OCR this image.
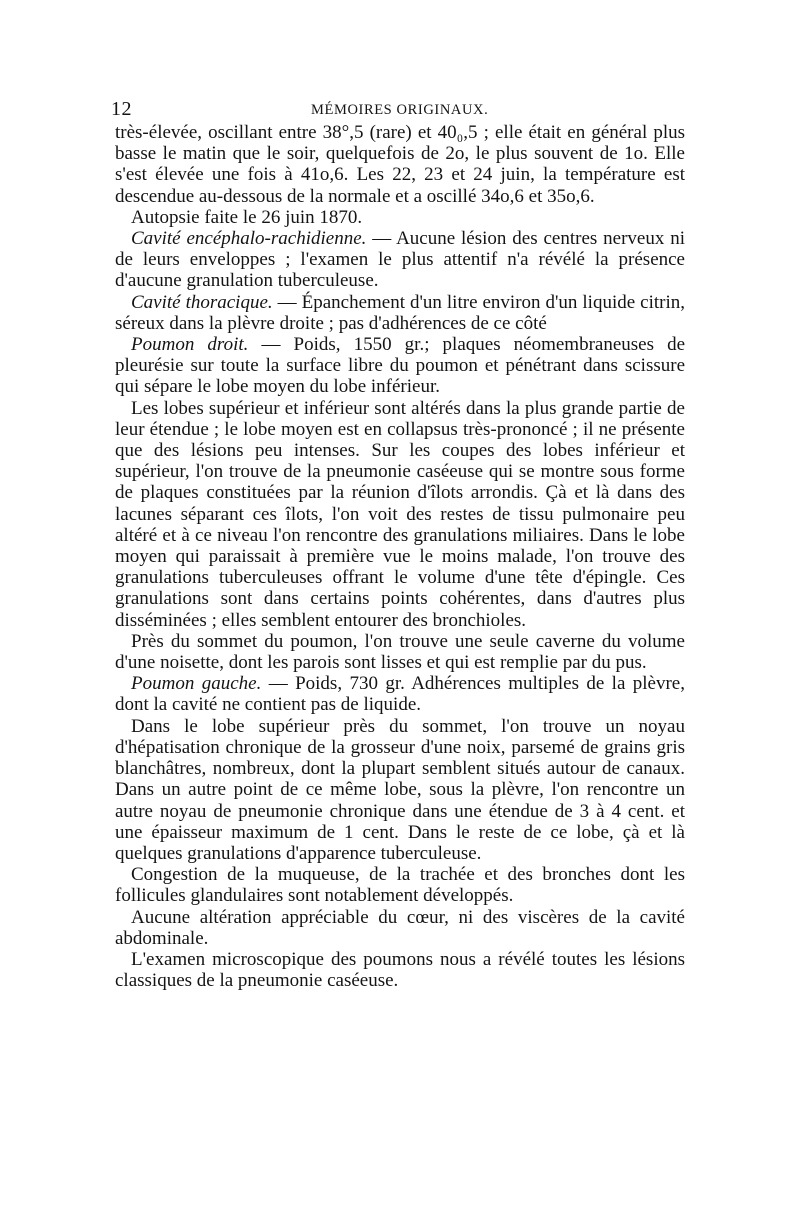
12	MÉMOIRES ORIGINAUX.

très-élevée, oscillant entre 38°,5 (rare) et 40₀,5 ; elle était en général plus basse le matin que le soir, quelquefois de 2o, le plus souvent de 1o. Elle s'est élevée une fois à 41o,6. Les 22, 23 et 24 juin, la température est descendue au-dessous de la normale et a oscillé 34o,6 et 35o,6.

Autopsie faite le 26 juin 1870.

Cavité encéphalo-rachidienne. — Aucune lésion des centres nerveux ni de leurs enveloppes ; l'examen le plus attentif n'a révélé la présence d'aucune granulation tuberculeuse.

Cavité thoracique. — Épanchement d'un litre environ d'un liquide citrin, séreux dans la plèvre droite ; pas d'adhérences de ce côté

Poumon droit. — Poids, 1550 gr.; plaques néomembraneuses de pleurésie sur toute la surface libre du poumon et pénétrant dans scissure qui sépare le lobe moyen du lobe inférieur.

Les lobes supérieur et inférieur sont altérés dans la plus grande partie de leur étendue ; le lobe moyen est en collapsus très-prononcé ; il ne présente que des lésions peu intenses. Sur les coupes des lobes inférieur et supérieur, l'on trouve de la pneumonie caséeuse qui se montre sous forme de plaques constituées par la réunion d'îlots arrondis. Çà et là dans des lacunes séparant ces îlots, l'on voit des restes de tissu pulmonaire peu altéré et à ce niveau l'on rencontre des granulations miliaires. Dans le lobe moyen qui paraissait à première vue le moins malade, l'on trouve des granulations tuberculeuses offrant le volume d'une tête d'épingle. Ces granulations sont dans certains points cohérentes, dans d'autres plus disséminées ; elles semblent entourer des bronchioles.

Près du sommet du poumon, l'on trouve une seule caverne du volume d'une noisette, dont les parois sont lisses et qui est remplie par du pus.

Poumon gauche. — Poids, 730 gr. Adhérences multiples de la plèvre, dont la cavité ne contient pas de liquide.

Dans le lobe supérieur près du sommet, l'on trouve un noyau d'hépatisation chronique de la grosseur d'une noix, parsemé de grains gris blanchâtres, nombreux, dont la plupart semblent situés autour de canaux. Dans un autre point de ce même lobe, sous la plèvre, l'on rencontre un autre noyau de pneumonie chronique dans une étendue de 3 à 4 cent. et une épaisseur maximum de 1 cent. Dans le reste de ce lobe, çà et là quelques granulations d'apparence tuberculeuse.

Congestion de la muqueuse, de la trachée et des bronches dont les follicules glandulaires sont notablement développés.

Aucune altération appréciable du cœur, ni des viscères de la cavité abdominale.

L'examen microscopique des poumons nous a révélé toutes les lésions classiques de la pneumonie caséeuse.
